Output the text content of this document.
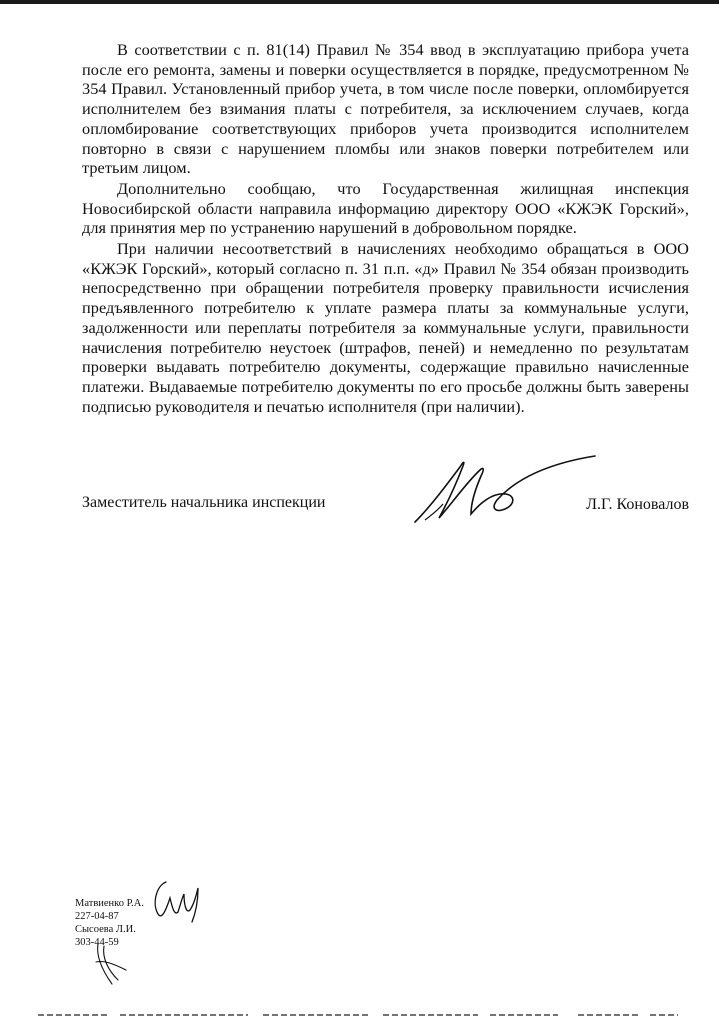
В соответствии с п. 81(14) Правил № 354 ввод в эксплуатацию прибора учета после его ремонта, замены и поверки осуществляется в порядке, предусмотренном № 354 Правил. Установленный прибор учета, в том числе после поверки, опломбируется исполнителем без взимания платы с потребителя, за исключением случаев, когда опломбирование соответствующих приборов учета производится исполнителем повторно в связи с нарушением пломбы или знаков поверки потребителем или третьим лицом.

Дополнительно сообщаю, что Государственная жилищная инспекция Новосибирской области направила информацию директору ООО «КЖЭК Горский», для принятия мер по устранению нарушений в добровольном порядке.

При наличии несоответствий в начислениях необходимо обращаться в ООО «КЖЭК Горский», который согласно п. 31 п.п. «д» Правил № 354 обязан производить непосредственно при обращении потребителя проверку правильности исчисления предъявленного потребителю к уплате размера платы за коммунальные услуги, задолженности или переплаты потребителя за коммунальные услуги, правильности начисления потребителю неустоек (штрафов, пеней) и немедленно по результатам проверки выдавать потребителю документы, содержащие правильно начисленные платежи. Выдаваемые потребителю документы по его просьбе должны быть заверены подписью руководителя и печатью исполнителя (при наличии).

Заместитель начальника инспекции	Л.Г. Коновалов
Матвиенко Р.А.
227-04-87
Сысоева Л.И.
303-44-59
